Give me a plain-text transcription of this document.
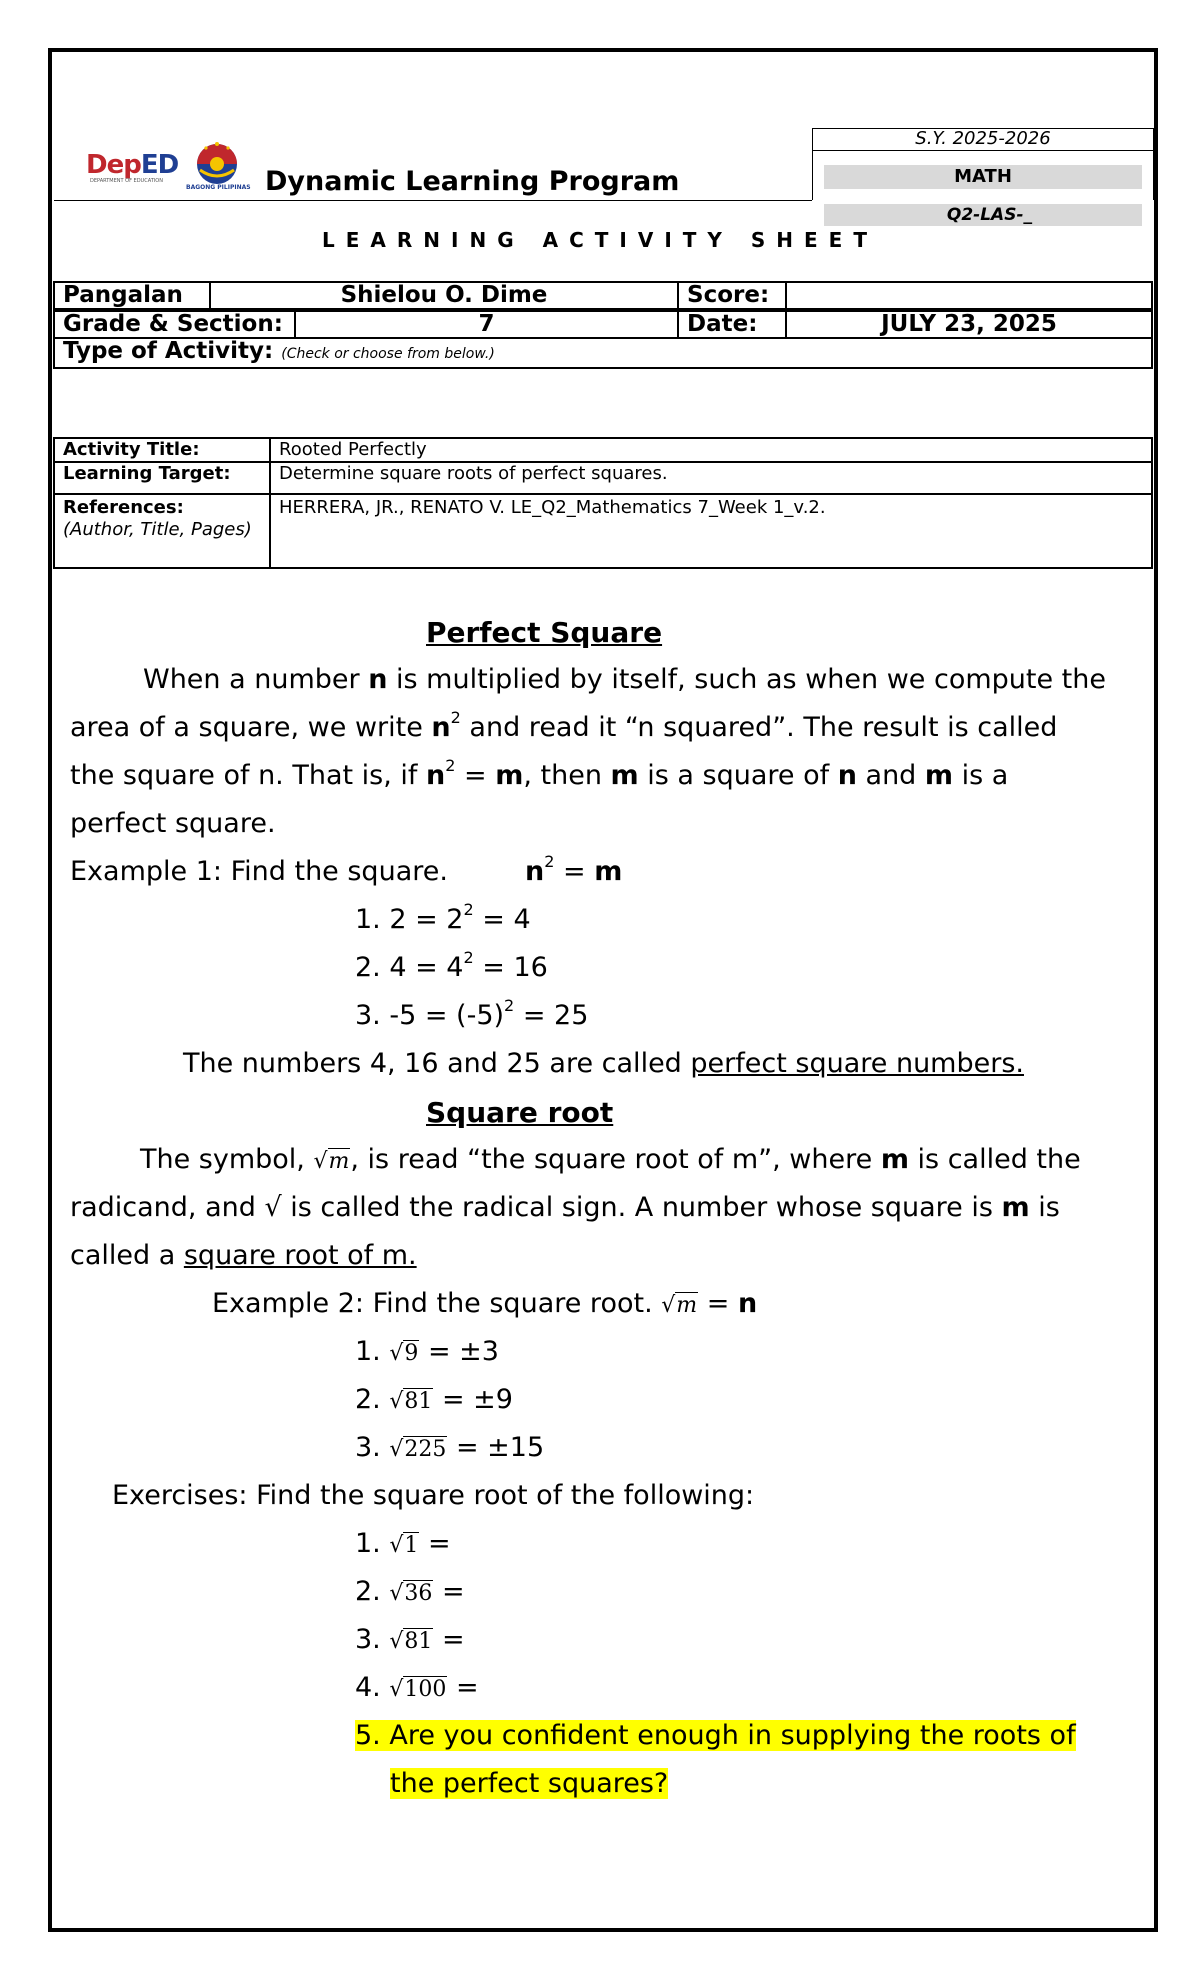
DepED
DEPARTMENT OF EDUCATION
BAGONG PILIPINAS Dynamic Learning Program
S.Y. 2025-2026
MATH
Q2-LAS-_
LEARNING ACTIVITY SHEET
Pangalan	Shielou O. Dime	Score:	
Grade & Section:	7	Date:	JULY 23, 2025
Type of Activity: (Check or choose from below.)
Activity Title:	Rooted Perfectly
Learning Target:	Determine square roots of perfect squares.
References:
(Author, Title, Pages)	HERRERA, JR., RENATO V. LE_Q2_Mathematics 7_Week 1_v.2.
Perfect Square
When a number n is multiplied by itself, such as when we compute the
area of a square, we write $n^2$ and read it “n squared”. The result is called
the square of n. That is, if $n^2 = m$, then m is a square of n and m is a
perfect square.
Example 1: Find the square.	$n^2 = m$
1. $2 = 2^2 = 4$
2. $4 = 4^2 = 16$
3. $-5 = (-5)^2 = 25$
The numbers 4, 16 and 25 are called perfect square numbers.
Square root
The symbol, √m, is read “the square root of m”, where m is called the
radicand, and √ is called the radical sign. A number whose square is m is
called a square root of m.
Example 2: Find the square root. √m = n
1. √9 = ±3
2. √81 = ±9
3. √225 = ±15
Exercises: Find the square root of the following:
1. √1 =
2. √36 =
3. √81 =
4. √100 =
5. Are you confident enough in supplying the roots of
the perfect squares?
